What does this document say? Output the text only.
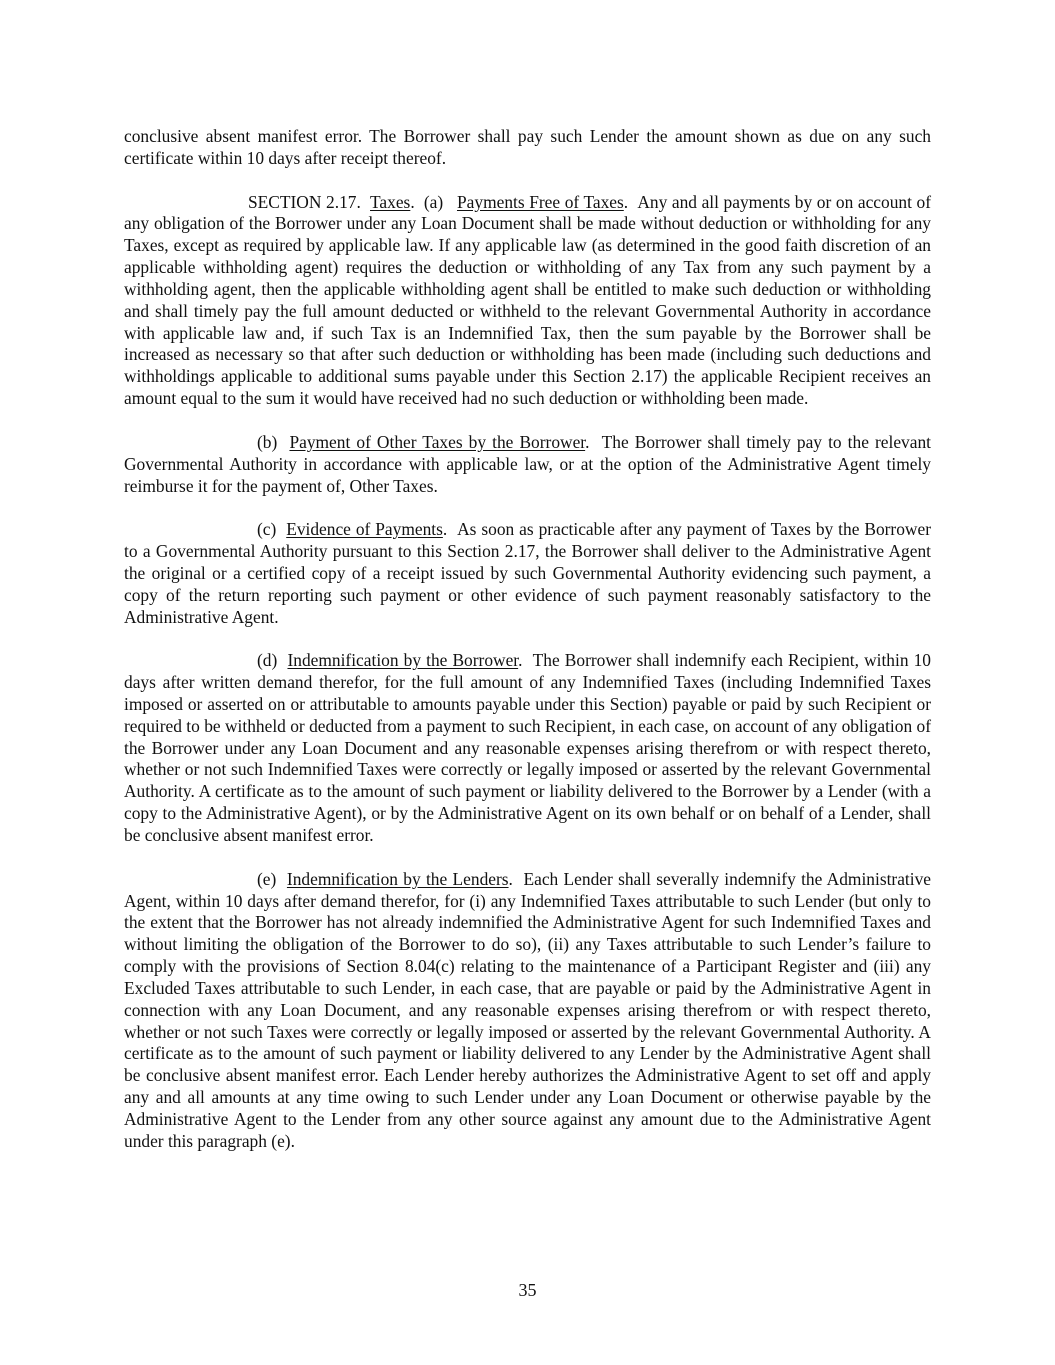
conclusive absent manifest error. The Borrower shall pay such Lender the amount shown as due on any such certificate within 10 days after receipt thereof.

SECTION 2.17. Taxes.  (a) Payments Free of Taxes.  Any and all payments by or on account of any obligation of the Borrower under any Loan Document shall be made without deduction or withholding for any Taxes, except as required by applicable law. If any applicable law (as determined in the good faith discretion of an applicable withholding agent) requires the deduction or withholding of any Tax from any such payment by a withholding agent, then the applicable withholding agent shall be entitled to make such deduction or withholding and shall timely pay the full amount deducted or withheld to the relevant Governmental Authority in accordance with applicable law and, if such Tax is an Indemnified Tax, then the sum payable by the Borrower shall be increased as necessary so that after such deduction or withholding has been made (including such deductions and withholdings applicable to additional sums payable under this Section 2.17) the applicable Recipient receives an amount equal to the sum it would have received had no such deduction or withholding been made.

(b) Payment of Other Taxes by the Borrower.  The Borrower shall timely pay to the relevant Governmental Authority in accordance with applicable law, or at the option of the Administrative Agent timely reimburse it for the payment of, Other Taxes.

(c) Evidence of Payments.  As soon as practicable after any payment of Taxes by the Borrower to a Governmental Authority pursuant to this Section 2.17, the Borrower shall deliver to the Administrative Agent the original or a certified copy of a receipt issued by such Governmental Authority evidencing such payment, a copy of the return reporting such payment or other evidence of such payment reasonably satisfactory to the Administrative Agent.

(d) Indemnification by the Borrower.  The Borrower shall indemnify each Recipient, within 10 days after written demand therefor, for the full amount of any Indemnified Taxes (including Indemnified Taxes imposed or asserted on or attributable to amounts payable under this Section) payable or paid by such Recipient or required to be withheld or deducted from a payment to such Recipient, in each case, on account of any obligation of the Borrower under any Loan Document and any reasonable expenses arising therefrom or with respect thereto, whether or not such Indemnified Taxes were correctly or legally imposed or asserted by the relevant Governmental Authority. A certificate as to the amount of such payment or liability delivered to the Borrower by a Lender (with a copy to the Administrative Agent), or by the Administrative Agent on its own behalf or on behalf of a Lender, shall be conclusive absent manifest error.

(e) Indemnification by the Lenders.  Each Lender shall severally indemnify the Administrative Agent, within 10 days after demand therefor, for (i) any Indemnified Taxes attributable to such Lender (but only to the extent that the Borrower has not already indemnified the Administrative Agent for such Indemnified Taxes and without limiting the obligation of the Borrower to do so), (ii) any Taxes attributable to such Lender’s failure to comply with the provisions of Section 8.04(c) relating to the maintenance of a Participant Register and (iii) any Excluded Taxes attributable to such Lender, in each case, that are payable or paid by the Administrative Agent in connection with any Loan Document, and any reasonable expenses arising therefrom or with respect thereto, whether or not such Taxes were correctly or legally imposed or asserted by the relevant Governmental Authority. A certificate as to the amount of such payment or liability delivered to any Lender by the Administrative Agent shall be conclusive absent manifest error. Each Lender hereby authorizes the Administrative Agent to set off and apply any and all amounts at any time owing to such Lender under any Loan Document or otherwise payable by the Administrative Agent to the Lender from any other source against any amount due to the Administrative Agent under this paragraph (e).

35
